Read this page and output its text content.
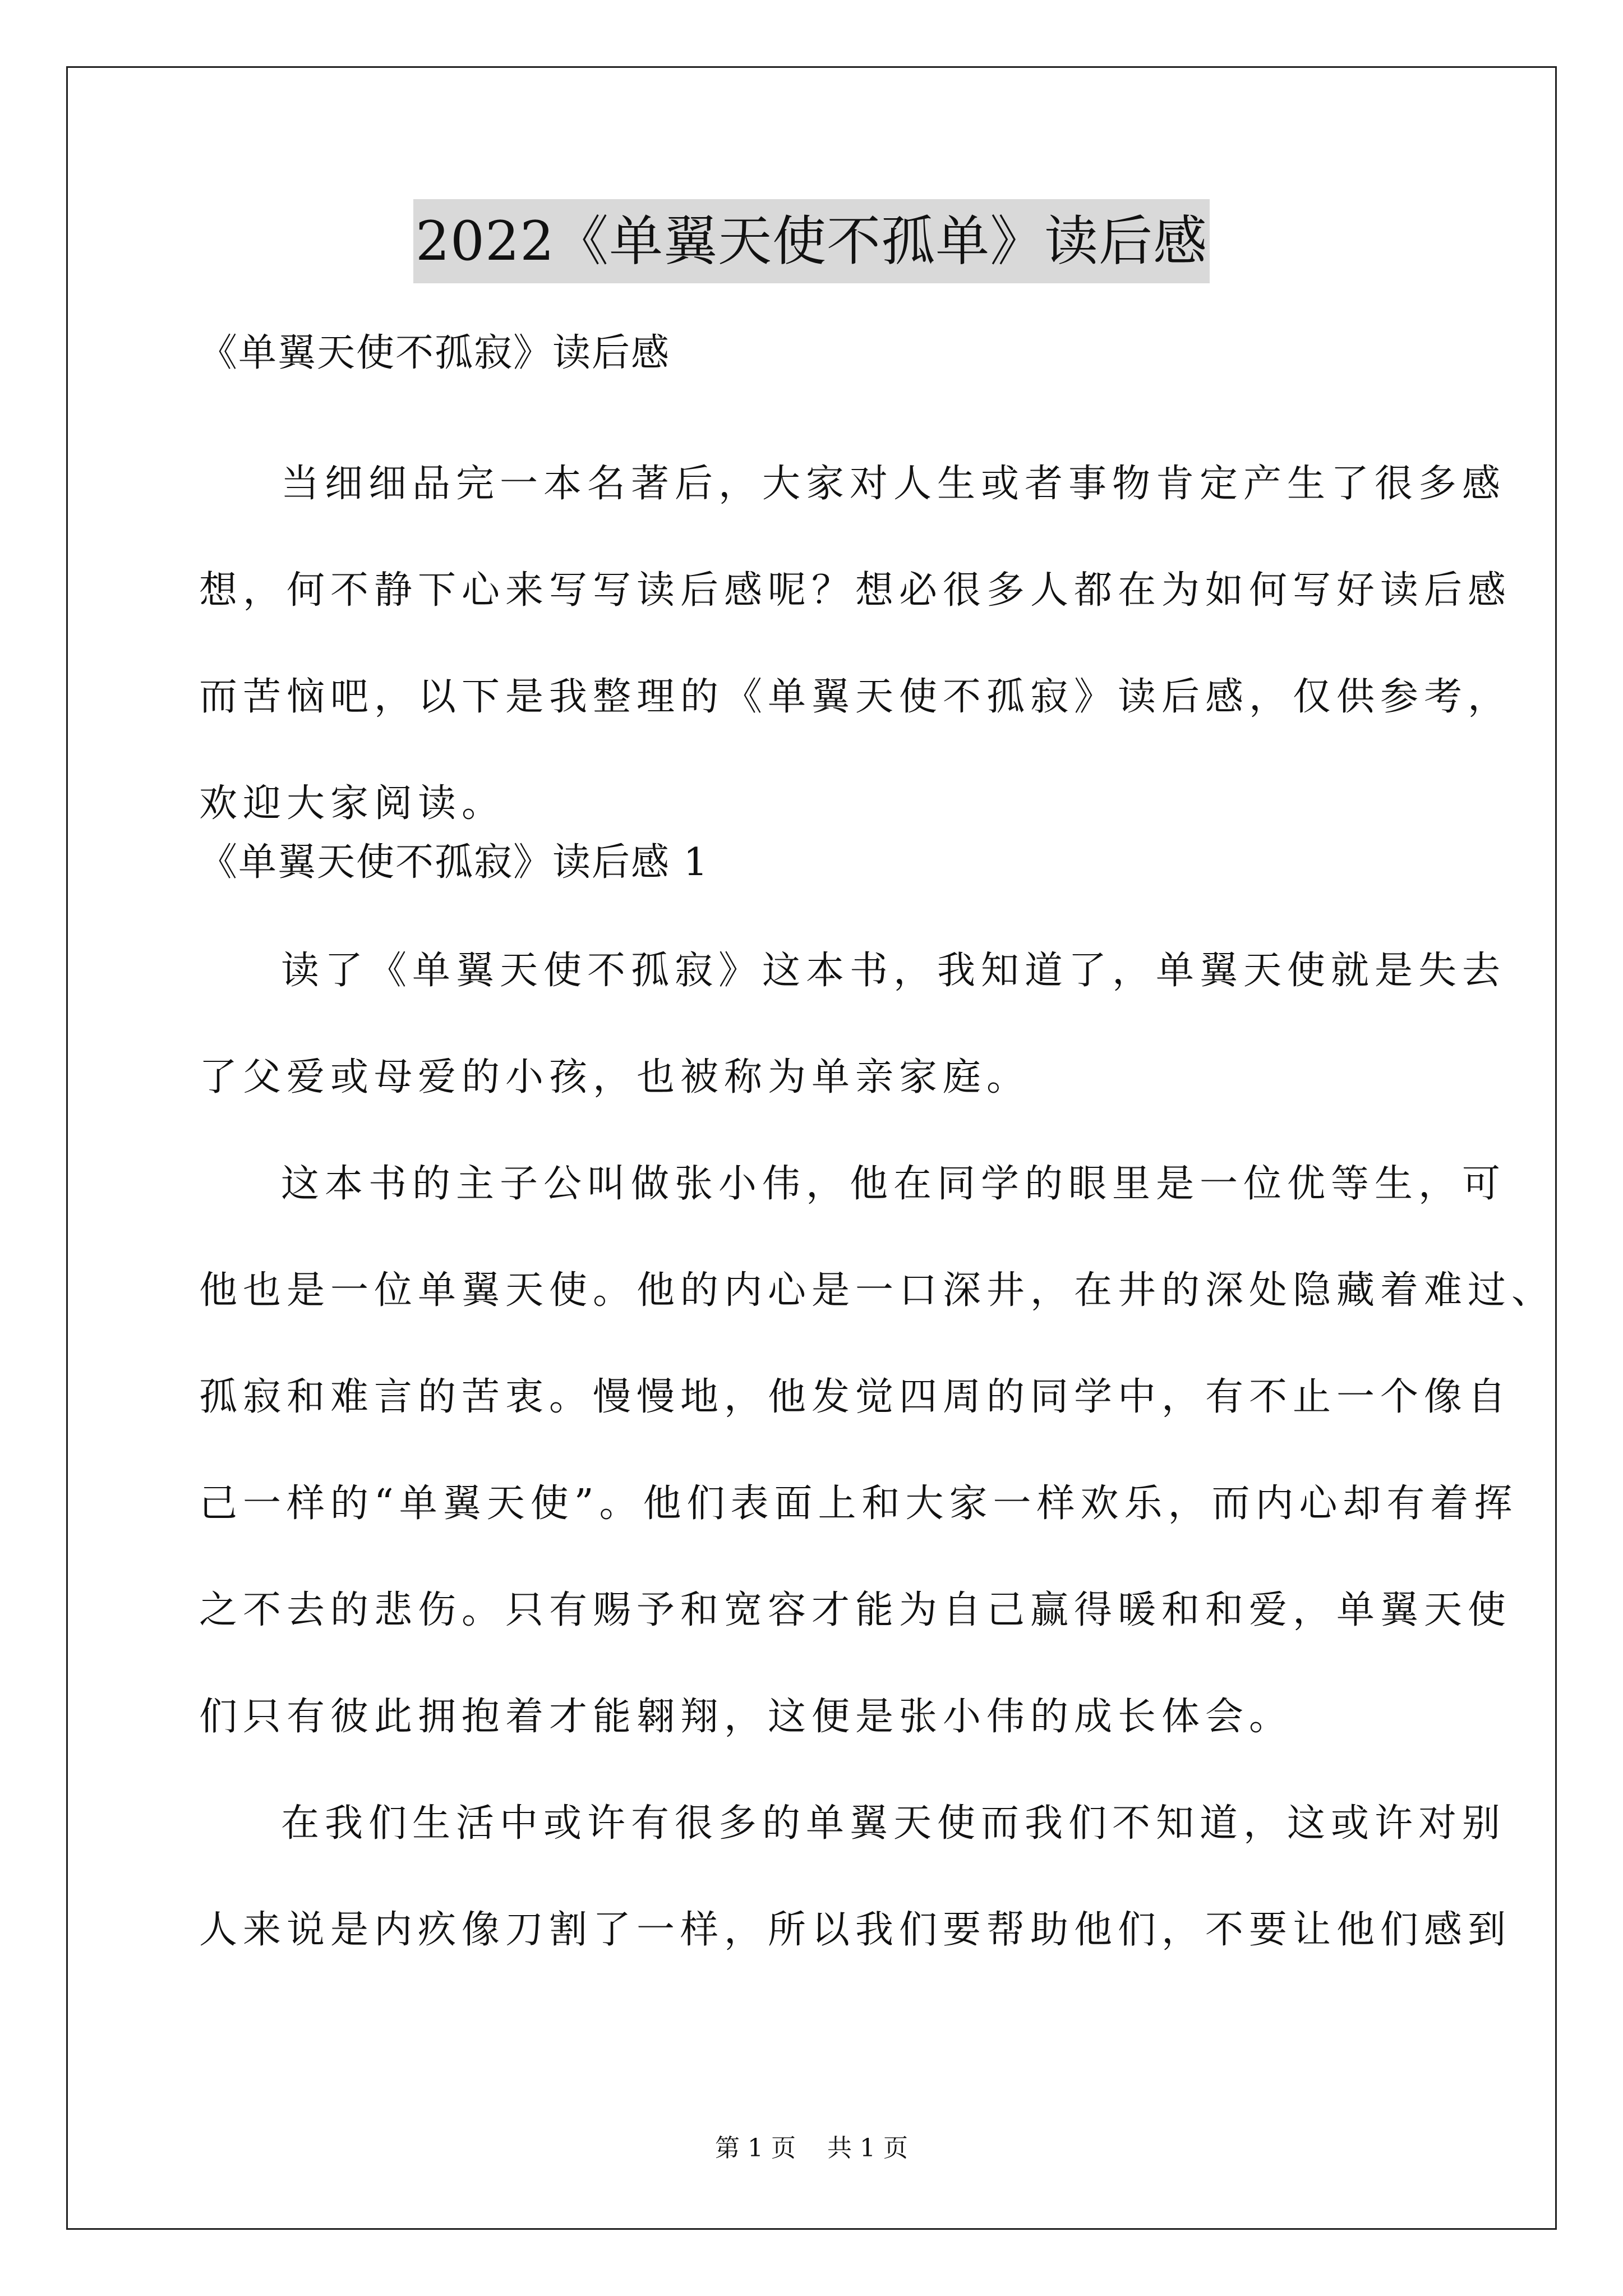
2022《单翼天使不孤单》读后感
《单翼天使不孤寂》读后感
当细细品完一本名著后，大家对人生或者事物肯定产生了很多感
想，何不静下心来写写读后感呢？想必很多人都在为如何写好读后感
而苦恼吧，以下是我整理的《单翼天使不孤寂》读后感，仅供参考，
欢迎大家阅读。
《单翼天使不孤寂》读后感 1
读了《单翼天使不孤寂》这本书，我知道了，单翼天使就是失去
了父爱或母爱的小孩，也被称为单亲家庭。
这本书的主子公叫做张小伟，他在同学的眼里是一位优等生，可
他也是一位单翼天使。他的内心是一口深井，在井的深处隐藏着难过、
孤寂和难言的苦衷。慢慢地，他发觉四周的同学中，有不止一个像自
己一样的“单翼天使”。他们表面上和大家一样欢乐，而内心却有着挥
之不去的悲伤。只有赐予和宽容才能为自己赢得暖和和爱，单翼天使
们只有彼此拥抱着才能翱翔，这便是张小伟的成长体会。
在我们生活中或许有很多的单翼天使而我们不知道，这或许对别
人来说是内疚像刀割了一样，所以我们要帮助他们，不要让他们感到
第 1 页 共 1 页
